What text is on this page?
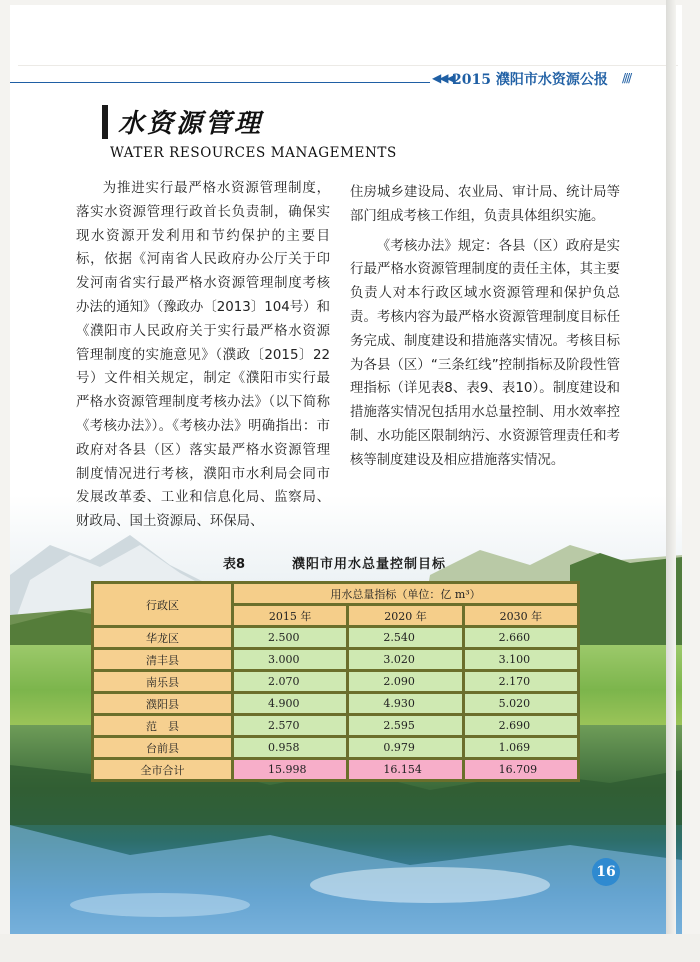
◀◀◀
2015 濮阳市水资源公报 ////
水资源管理
WATER RESOURCES MANAGEMENTS

为推进实行最严格水资源管理制度，落实水资源管理行政首长负责制，确保实现水资源开发利用和节约保护的主要目标，依据《河南省人民政府办公厅关于印发河南省实行最严格水资源管理制度考核办法的通知》（豫政办〔2013〕104号）和《濮阳市人民政府关于实行最严格水资源管理制度的实施意见》（濮政〔2015〕22号）文件相关规定，制定《濮阳市实行最严格水资源管理制度考核办法》（以下简称《考核办法》）。《考核办法》明确指出：市政府对各县（区）落实最严格水资源管理制度情况进行考核，濮阳市水利局会同市发展改革委、工业和信息化局、监察局、财政局、国土资源局、环保局、

住房城乡建设局、农业局、审计局、统计局等部门组成考核工作组，负责具体组织实施。

《考核办法》规定：各县（区）政府是实行最严格水资源管理制度的责任主体，其主要负责人对本行政区域水资源管理和保护负总责。考核内容为最严格水资源管理制度目标任务完成、制度建设和措施落实情况。考核目标为各县（区）“三条红线”控制指标及阶段性管理指标（详见表8、表9、表10）。制度建设和措施落实情况包括用水总量控制、用水效率控制、水功能区限制纳污、水资源管理责任和考核等制度建设及相应措施落实情况。

表8	濮阳市用水总量控制目标
行政区	用水总量指标（单位：亿 m³）		
	2015 年	2020 年	2030 年
华龙区	2.500	2.540	2.660
清丰县	3.000	3.020	3.100
南乐县	2.070	2.090	2.170
濮阳县	4.900	4.930	5.020
范　县	2.570	2.595	2.690
台前县	0.958	0.979	1.069
全市合计	15.998	16.154	16.709
16
